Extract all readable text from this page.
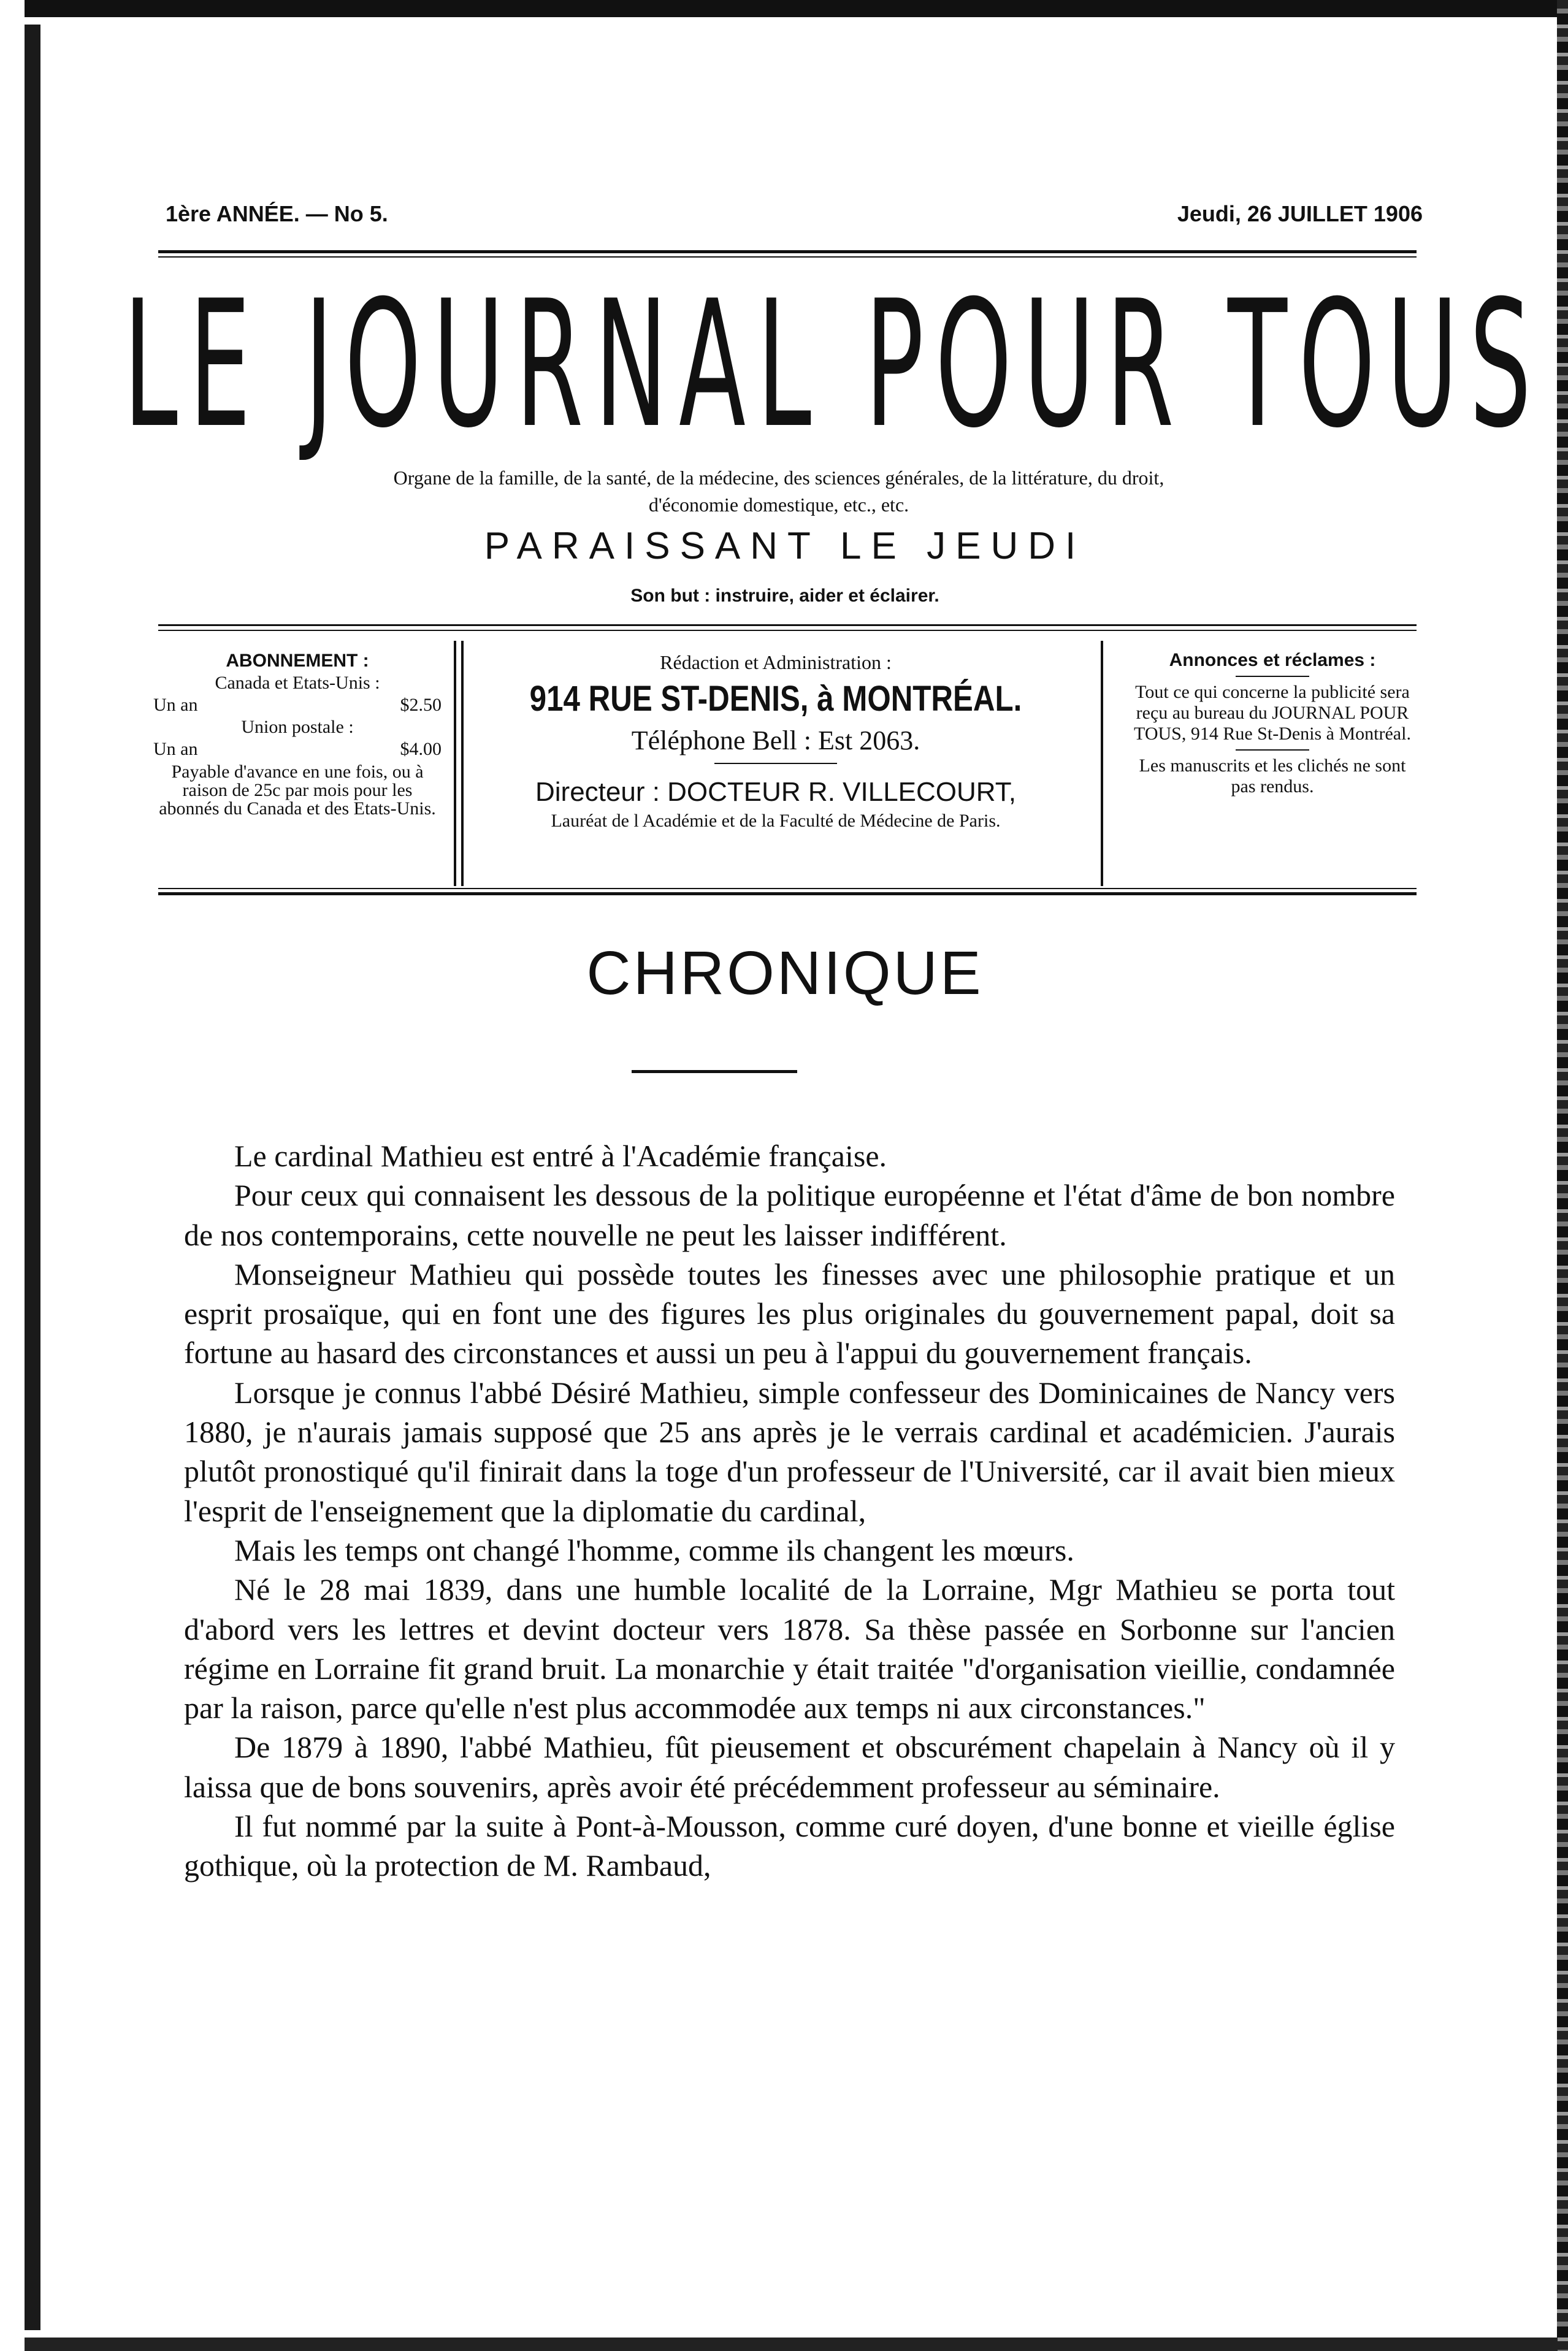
1ère ANNÉE. — No 5.	Jeudi, 26 JUILLET 1906
LE JOURNAL POUR TOUS
Organe de la famille, de la santé, de la médecine, des sciences générales, de la littérature, du droit,
d'économie domestique, etc., etc.
PARAISSANT LE JEUDI
Son but : instruire, aider et éclairer.
ABONNEMENT :
Canada et Etats-Unis :
Un an	$2.50
Union postale :
Un an	$4.00
Payable d'avance en une fois, ou à raison de 25c par mois pour les abonnés du Canada et des Etats-Unis.
Rédaction et Administration :
914 RUE ST-DENIS, à MONTRÉAL.
Téléphone Bell : Est 2063.
Directeur : DOCTEUR R. VILLECOURT,
Lauréat de l Académie et de la Faculté de Médecine de Paris.
Annonces et réclames :
Tout ce qui concerne la publicité sera reçu au bureau du JOURNAL POUR TOUS, 914 Rue St-Denis à Montréal.
Les manuscrits et les clichés ne sont pas rendus.
CHRONIQUE

Le cardinal Mathieu est entré à l'Académie française.

Pour ceux qui connaisent les dessous de la politique européenne et l'état d'âme de bon nombre de nos contemporains, cette nouvelle ne peut les laisser indifférent.

Monseigneur Mathieu qui possède toutes les finesses avec une philosophie pratique et un esprit prosaïque, qui en font une des figures les plus originales du gouvernement papal, doit sa fortune au hasard des circonstances et aussi un peu à l'appui du gouvernement français.

Lorsque je connus l'abbé Désiré Mathieu, simple confesseur des Dominicaines de Nancy vers 1880, je n'aurais jamais supposé que 25 ans après je le verrais cardinal et académicien. J'aurais plutôt pronostiqué qu'il finirait dans la toge d'un professeur de l'Université, car il avait bien mieux l'esprit de l'enseignement que la diplomatie du cardinal,

Mais les temps ont changé l'homme, comme ils changent les mœurs.

Né le 28 mai 1839, dans une humble localité de la Lorraine, Mgr Mathieu se porta tout d'abord vers les lettres et devint docteur vers 1878. Sa thèse passée en Sorbonne sur l'ancien régime en Lorraine fit grand bruit. La monarchie y était traitée "d'organisation vieillie, condamnée par la raison, parce qu'elle n'est plus accommodée aux temps ni aux circonstances."

De 1879 à 1890, l'abbé Mathieu, fût pieusement et obscurément chapelain à Nancy où il y laissa que de bons souvenirs, après avoir été précédemment professeur au séminaire.

Il fut nommé par la suite à Pont-à-Mousson, comme curé doyen, d'une bonne et vieille église gothique, où la protection de M. Rambaud,
